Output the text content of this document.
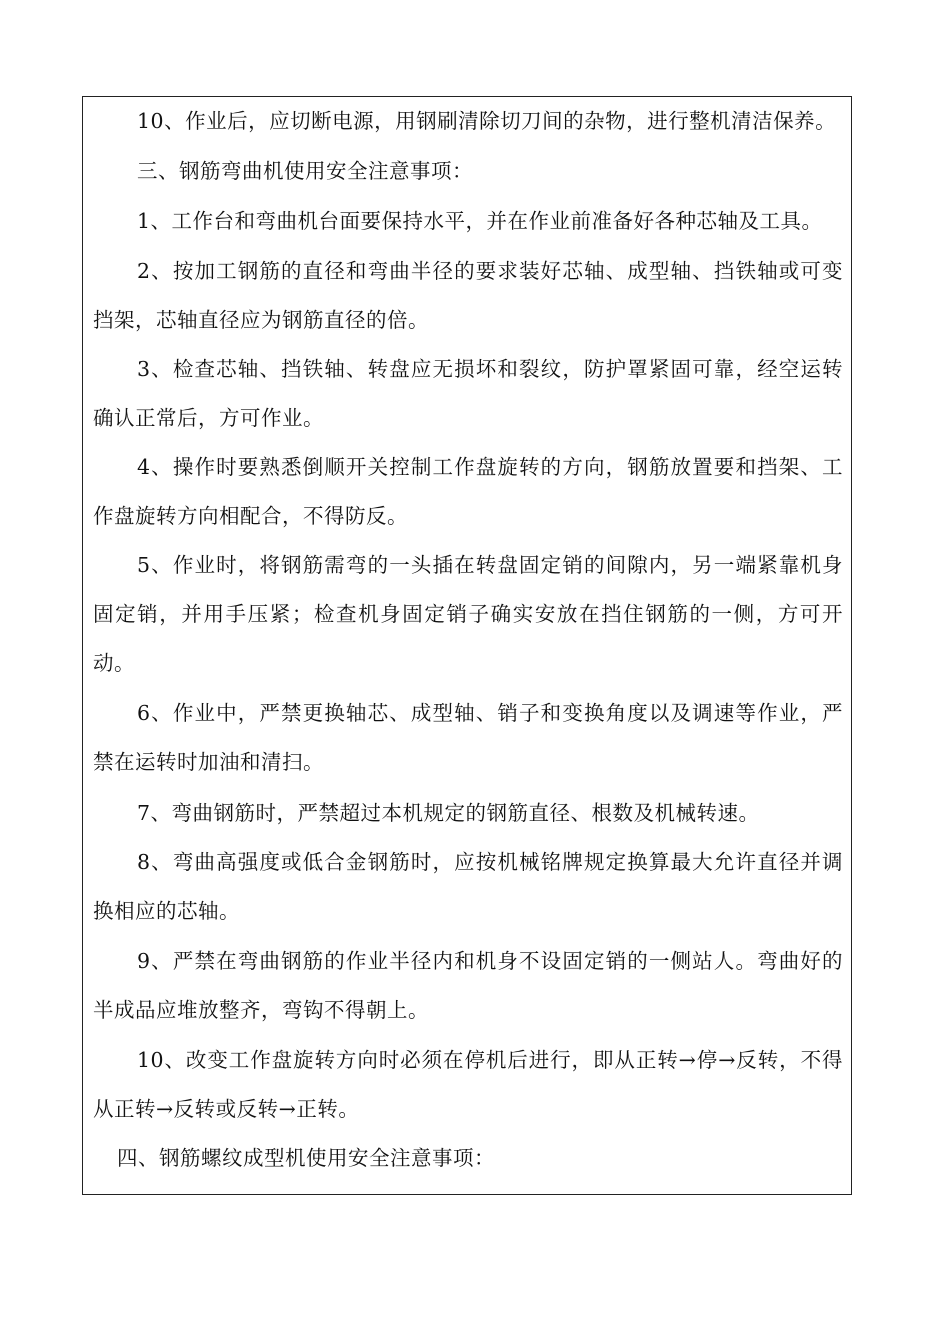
10、作业后，应切断电源，用钢刷清除切刀间的杂物，进行整机清洁保养。

三、钢筋弯曲机使用安全注意事项：

1、工作台和弯曲机台面要保持水平，并在作业前准备好各种芯轴及工具。

2、按加工钢筋的直径和弯曲半径的要求装好芯轴、成型轴、挡铁轴或可变挡架，芯轴直径应为钢筋直径的倍。

3、检查芯轴、挡铁轴、转盘应无损坏和裂纹，防护罩紧固可靠，经空运转确认正常后，方可作业。

4、操作时要熟悉倒顺开关控制工作盘旋转的方向，钢筋放置要和挡架、工作盘旋转方向相配合，不得防反。

5、作业时，将钢筋需弯的一头插在转盘固定销的间隙内，另一端紧靠机身固定销，并用手压紧；检查机身固定销子确实安放在挡住钢筋的一侧，方可开动。

6、作业中，严禁更换轴芯、成型轴、销子和变换角度以及调速等作业，严禁在运转时加油和清扫。

7、弯曲钢筋时，严禁超过本机规定的钢筋直径、根数及机械转速。

8、弯曲高强度或低合金钢筋时，应按机械铭牌规定换算最大允许直径并调换相应的芯轴。

9、严禁在弯曲钢筋的作业半径内和机身不设固定销的一侧站人。弯曲好的半成品应堆放整齐，弯钩不得朝上。

10、改变工作盘旋转方向时必须在停机后进行，即从正转→停→反转，不得从正转→反转或反转→正转。

四、钢筋螺纹成型机使用安全注意事项：
